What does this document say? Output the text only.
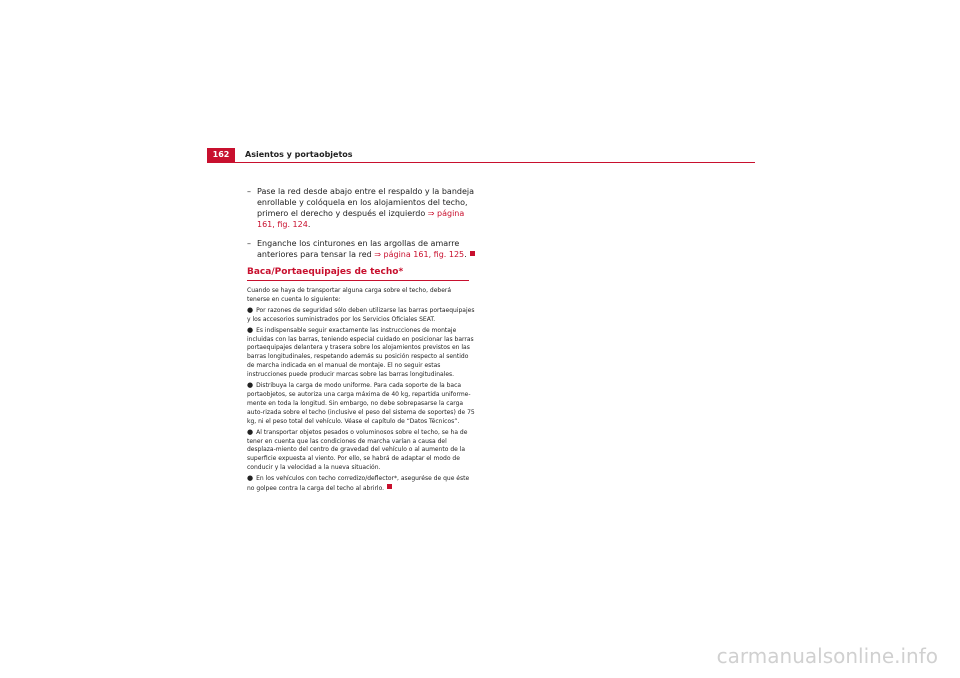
162	Asientos y portaobjetos
– Pase la red desde abajo entre el respaldo y la bandeja enrollable y colóquela en los alojamientos del techo, primero el derecho y después el izquierdo ⇒ página 161, fig. 124.
– Enganche los cinturones en las argollas de amarre anteriores para tensar la red ⇒ página 161, fig. 125.
Baca/Portaequipajes de techo*

Cuando se haya de transportar alguna carga sobre el techo, deberá tenerse en cuenta lo siguiente:

● Por razones de seguridad sólo deben utilizarse las barras portaequipajes y los accesorios suministrados por los Servicios Oficiales SEAT.

● Es indispensable seguir exactamente las instrucciones de montaje incluidas con las barras, teniendo especial cuidado en posicionar las barras portaequipajes delantera y trasera sobre los alojamientos previstos en las barras longitudinales, respetando además su posición respecto al sentido de marcha indicada en el manual de montaje. El no seguir estas instrucciones puede producir marcas sobre las barras longitudinales.

● Distribuya la carga de modo uniforme. Para cada soporte de la baca portaobjetos, se autoriza una carga máxima de 40 kg, repartida uniforme-mente en toda la longitud. Sin embargo, no debe sobrepasarse la carga auto-rizada sobre el techo (inclusive el peso del sistema de soportes) de 75 kg, ni el peso total del vehículo. Véase el capítulo de “Datos Técnicos”.

● Al transportar objetos pesados o voluminosos sobre el techo, se ha de tener en cuenta que las condiciones de marcha varían a causa del desplaza-miento del centro de gravedad del vehículo o al aumento de la superficie expuesta al viento. Por ello, se habrá de adaptar el modo de conducir y la velocidad a la nueva situación.

● En los vehículos con techo corredizo/deflector*, asegurése de que éste no golpee contra la carga del techo al abrirlo.

carmanualsonline.info
